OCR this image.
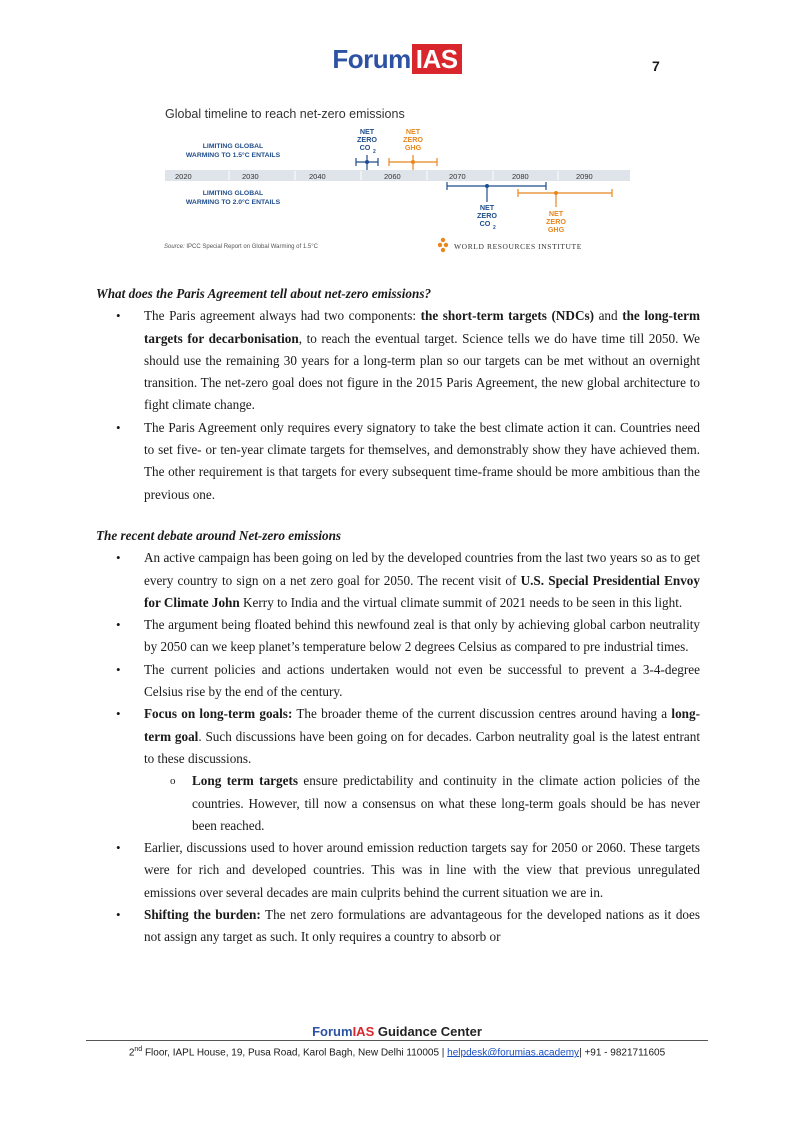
Forum IAS	7
Global timeline to reach net-zero emissions
LIMITING GLOBAL
WARMING TO 1.5°C ENTAILS
2020	2030	2040	2060	2070	2080	2090
NET
ZERO
CO 2
NET
ZERO
GHG
LIMITING GLOBAL
WARMING TO 2.0°C ENTAILS
NET
ZERO
CO 2
NET
ZERO
GHG
Source: IPCC Special Report on Global Warming of 1.5°C	WORLD RESOURCES INSTITUTE

What does the Paris Agreement tell about net-zero emissions?

• The Paris agreement always had two components: the short-term targets (NDCs) and the long-term targets for decarbonisation, to reach the eventual target. Science tells we do have time till 2050. We should use the remaining 30 years for a long-term plan so our targets can be met without an overnight transition. The net-zero goal does not figure in the 2015 Paris Agreement, the new global architecture to fight climate change.
• The Paris Agreement only requires every signatory to take the best climate action it can. Countries need to set five- or ten-year climate targets for themselves, and demonstrably show they have achieved them. The other requirement is that targets for every subsequent time-frame should be more ambitious than the previous one.

The recent debate around Net-zero emissions

• An active campaign has been going on led by the developed countries from the last two years so as to get every country to sign on a net zero goal for 2050. The recent visit of U.S. Special Presidential Envoy for Climate John Kerry to India and the virtual climate summit of 2021 needs to be seen in this light.
• The argument being floated behind this newfound zeal is that only by achieving global carbon neutrality by 2050 can we keep planet’s temperature below 2 degrees Celsius as compared to pre industrial times.
• The current policies and actions undertaken would not even be successful to prevent a 3-4-degree Celsius rise by the end of the century.
• Focus on long-term goals: The broader theme of the current discussion centres around having a long-term goal. Such discussions have been going on for decades. Carbon neutrality goal is the latest entrant to these discussions.
o Long term targets ensure predictability and continuity in the climate action policies of the countries. However, till now a consensus on what these long-term goals should be has never been reached.
• Earlier, discussions used to hover around emission reduction targets say for 2050 or 2060. These targets were for rich and developed countries. This was in line with the view that previous unregulated emissions over several decades are main culprits behind the current situation we are in.
• Shifting the burden: The net zero formulations are advantageous for the developed nations as it does not assign any target as such. It only requires a country to absorb or
ForumIAS Guidance Center
2nd Floor, IAPL House, 19, Pusa Road, Karol Bagh, New Delhi 110005 | helpdesk@forumias.academy| +91 - 9821711605
